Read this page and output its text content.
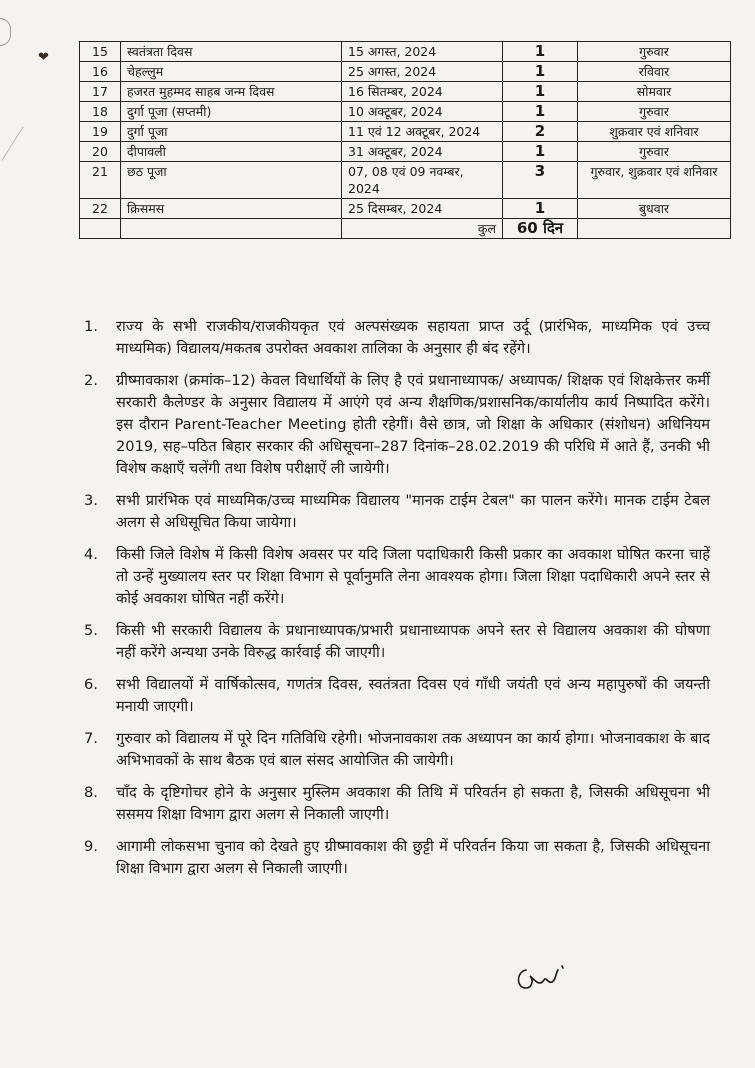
❤	15	स्वतंत्रता दिवस	15 अगस्त, 2024	1	गुरुवार
16	चेहल्लुम	25 अगस्त, 2024	1	रविवार
17	हजरत मुहम्मद साहब जन्म दिवस	16 सितम्बर, 2024	1	सोमवार
18	दुर्गा पूजा (सप्तमी)	10 अक्टूबर, 2024	1	गुरुवार
19	दुर्गा पूजा	11 एवं 12 अक्टूबर, 2024	2	शुक्रवार एवं शनिवार
20	दीपावली	31 अक्टूबर, 2024	1	गुरुवार
21	छठ पूजा	07, 08 एवं 09 नवम्बर, 2024	3	गुरुवार, शुक्रवार एवं शनिवार
22	क्रिसमस	25 दिसम्बर, 2024	1	बुधवार
		कुल	60 दिन	
1. राज्य के सभी राजकीय/राजकीयकृत एवं अल्पसंख्यक सहायता प्राप्त उर्दू (प्रारंभिक, माध्यमिक एवं उच्च माध्यमिक) विद्यालय/मकतब उपरोक्त अवकाश तालिका के अनुसार ही बंद रहेंगे।
2. ग्रीष्मावकाश (क्रमांक–12) केवल विधार्थियों के लिए है एवं प्रधानाध्यापक/ अध्यापक/ शिक्षक एवं शिक्षकेत्तर कर्मी सरकारी कैलेण्डर के अनुसार विद्यालय में आएंगे एवं अन्य शैक्षणिक/प्रशासनिक/कार्यालीय कार्य निष्पादित करेंगे। इस दौरान Parent-Teacher Meeting होती रहेगीं। वैसे छात्र, जो शिक्षा के अधिकार (संशोधन) अधिनियम 2019, सह–पठित बिहार सरकार की अधिसूचना–287 दिनांक–28.02.2019 की परिधि में आते हैं, उनकी भी विशेष कक्षाएँ चलेंगी तथा विशेष परीक्षाऐं ली जायेगी।
3. सभी प्रारंभिक एवं माध्यमिक/उच्च माध्यमिक विद्यालय "मानक टाईम टेबल" का पालन करेंगे। मानक टाईम टेबल अलग से अधिसूचित किया जायेगा।
4. किसी जिले विशेष में किसी विशेष अवसर पर यदि जिला पदाधिकारी किसी प्रकार का अवकाश घोषित करना चाहें तो उन्हें मुख्यालय स्तर पर शिक्षा विभाग से पूर्वानुमति लेना आवश्यक होगा। जिला शिक्षा पदाधिकारी अपने स्तर से कोई अवकाश घोषित नहीं करेंगे।
5. किसी भी सरकारी विद्यालय के प्रधानाध्यापक/प्रभारी प्रधानाध्यापक अपने स्तर से विद्यालय अवकाश की घोषणा नहीं करेंगे अन्यथा उनके विरुद्ध कार्रवाई की जाएगी।
6. सभी विद्यालयों में वार्षिकोत्सव, गणतंत्र दिवस, स्वतंत्रता दिवस एवं गाँधी जयंती एवं अन्य महापुरुषों की जयन्ती मनायी जाएगी।
7. गुरुवार को विद्यालय में पूरे दिन गतिविधि रहेगी। भोजनावकाश तक अध्यापन का कार्य होगा। भोजनावकाश के बाद अभिभावकों के साथ बैठक एवं बाल संसद आयोजित की जायेगी।
8. चाँद के दृष्टिगोचर होने के अनुसार मुस्लिम अवकाश की तिथि में परिवर्तन हो सकता है, जिसकी अधिसूचना भी ससमय शिक्षा विभाग द्वारा अलग से निकाली जाएगी।
9. आगामी लोकसभा चुनाव को देखते हुए ग्रीष्मावकाश की छुट्टी में परिवर्तन किया जा सकता है, जिसकी अधिसूचना शिक्षा विभाग द्वारा अलग से निकाली जाएगी।
